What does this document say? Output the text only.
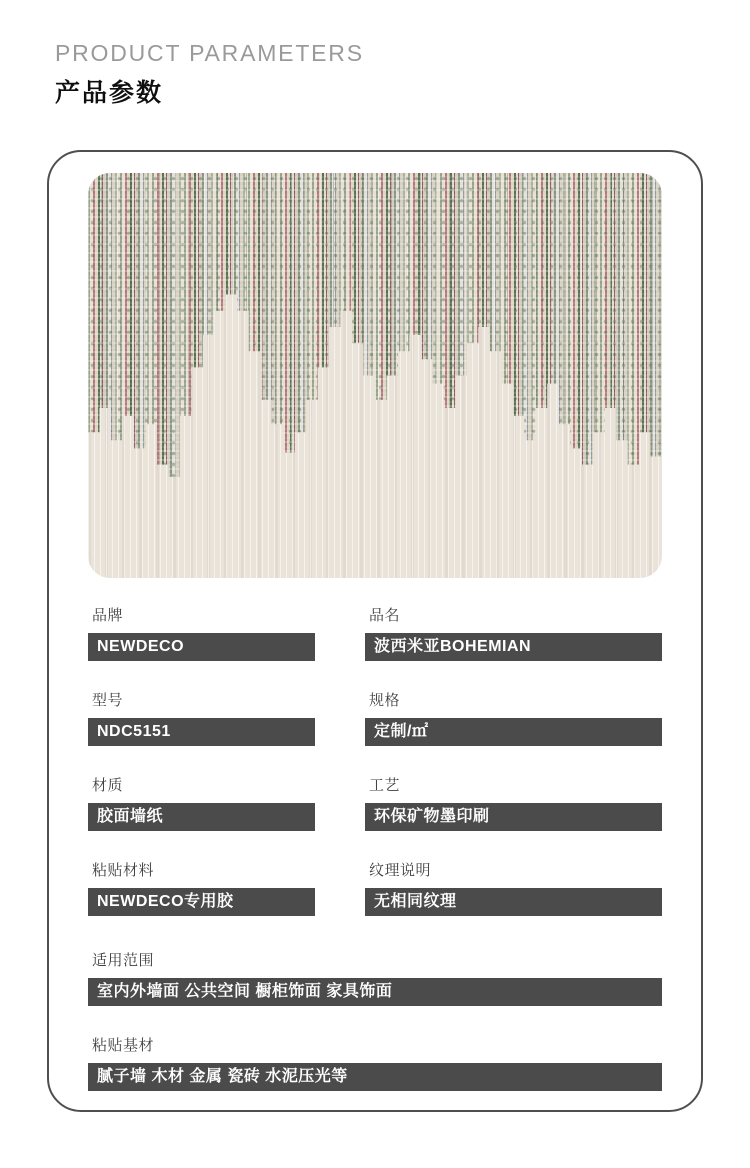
PRODUCT PARAMETERS
产品参数
品牌
NEWDECO
品名
波西米亚BOHEMIAN
型号
NDC5151
规格
定制/㎡
材质
胶面墙纸
工艺
环保矿物墨印刷
粘贴材料
NEWDECO专用胶
纹理说明
无相同纹理
适用范围
室内外墙面 公共空间 橱柜饰面 家具饰面
粘贴基材
腻子墙 木材 金属 瓷砖 水泥压光等
